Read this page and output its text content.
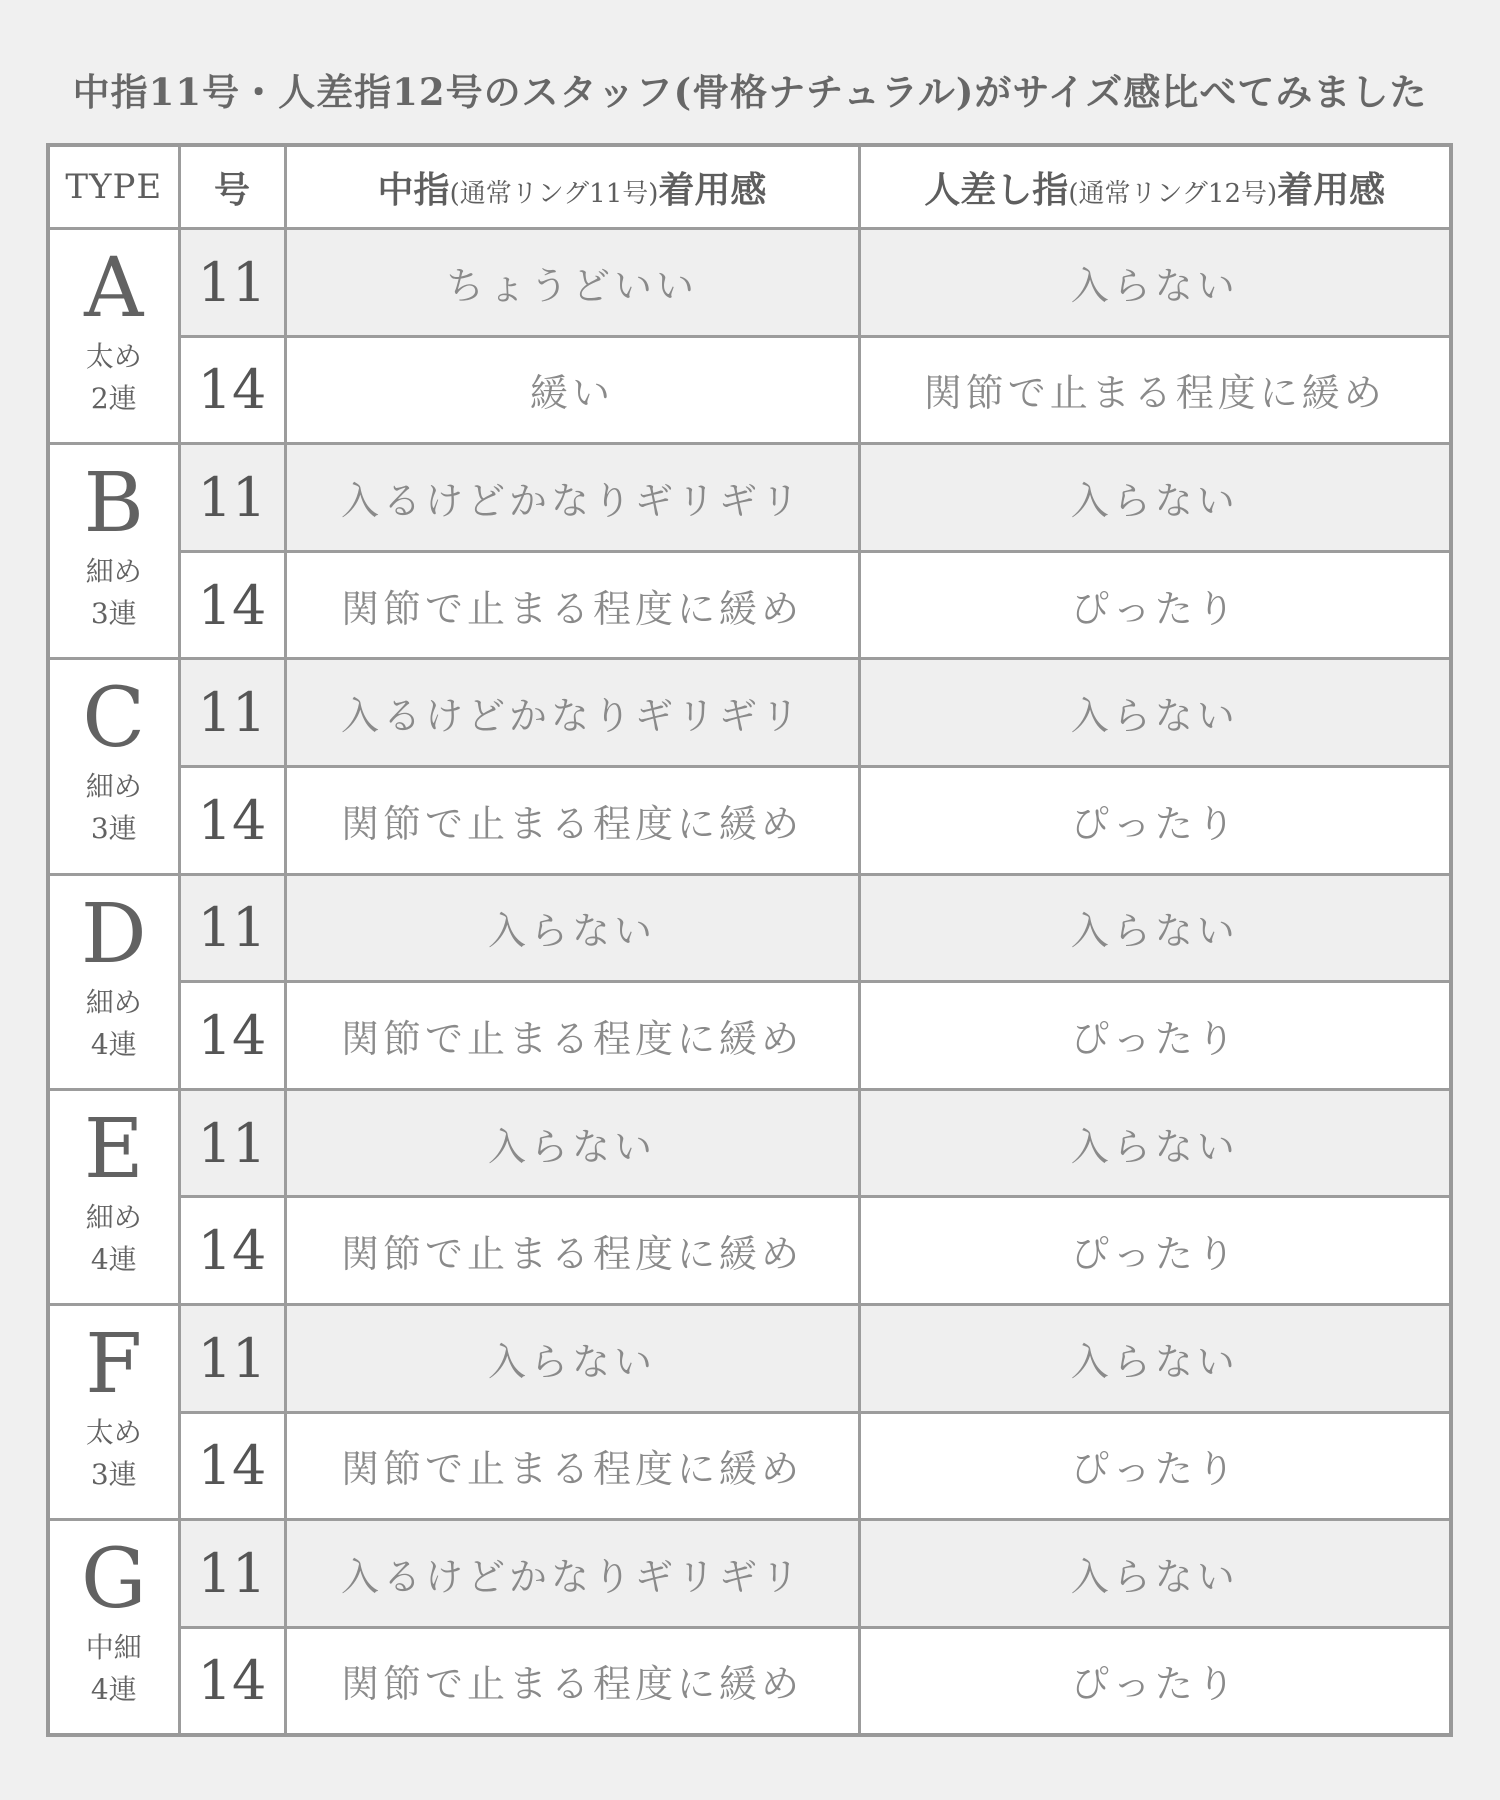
中指11号・人差指12号のスタッフ(骨格ナチュラル)がサイズ感比べてみました
TYPE	号	中指(通常リング11号)着用感	人差し指(通常リング12号)着用感

A
太め
2連	11	ちょうどいい	入らない
	14	緩い	関節で止まる程度に緩め

B
細め
3連	11	入るけどかなりギリギリ	入らない
	14	関節で止まる程度に緩め	ぴったり

C
細め
3連	11	入るけどかなりギリギリ	入らない
	14	関節で止まる程度に緩め	ぴったり

D
細め
4連	11	入らない	入らない
	14	関節で止まる程度に緩め	ぴったり

E
細め
4連	11	入らない	入らない
	14	関節で止まる程度に緩め	ぴったり

F
太め
3連	11	入らない	入らない
	14	関節で止まる程度に緩め	ぴったり

G
中細
4連	11	入るけどかなりギリギリ	入らない
	14	関節で止まる程度に緩め	ぴったり
